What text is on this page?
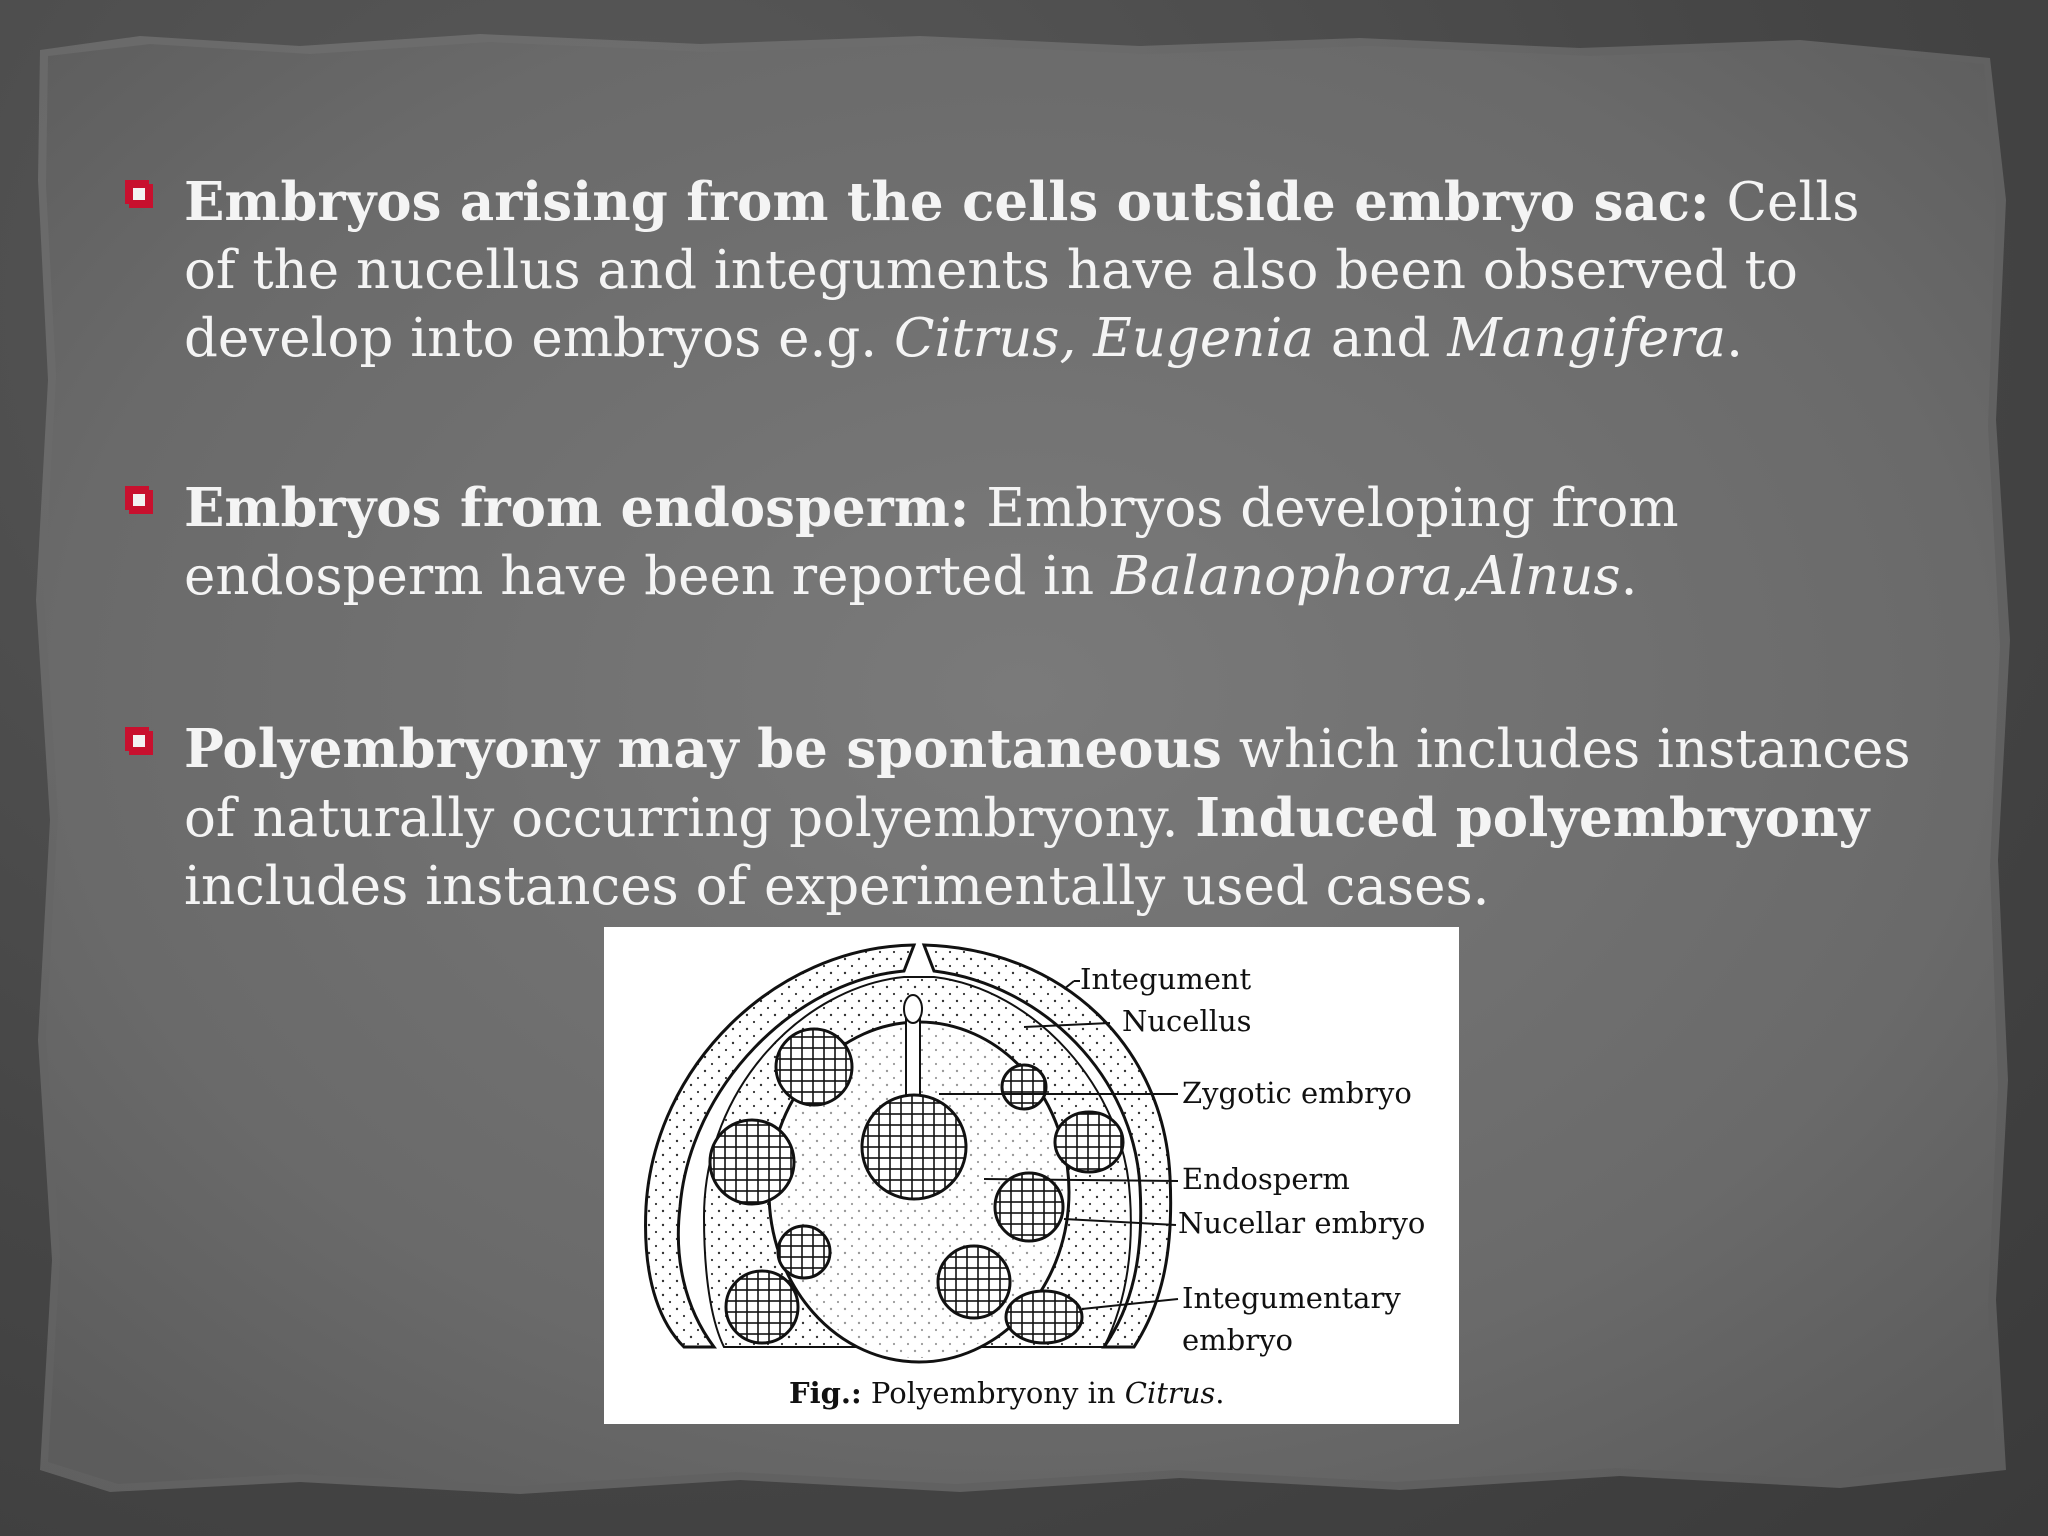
Embryos arising from the cells outside embryo sac: Cells of the nucellus and integuments have also been observed to develop into embryos e.g. Citrus, Eugenia and Mangifera.
Embryos from endosperm: Embryos developing from endosperm have been reported in Balanophora,Alnus.
Polyembryony may be spontaneous which includes instances of naturally occurring polyembryony. Induced polyembryony includes instances of experimentally used cases.
Integument
Nucellus
Zygotic embryo
Endosperm
Nucellar embryo
Integumentary
embryo
Fig.: Polyembryony in Citrus.
